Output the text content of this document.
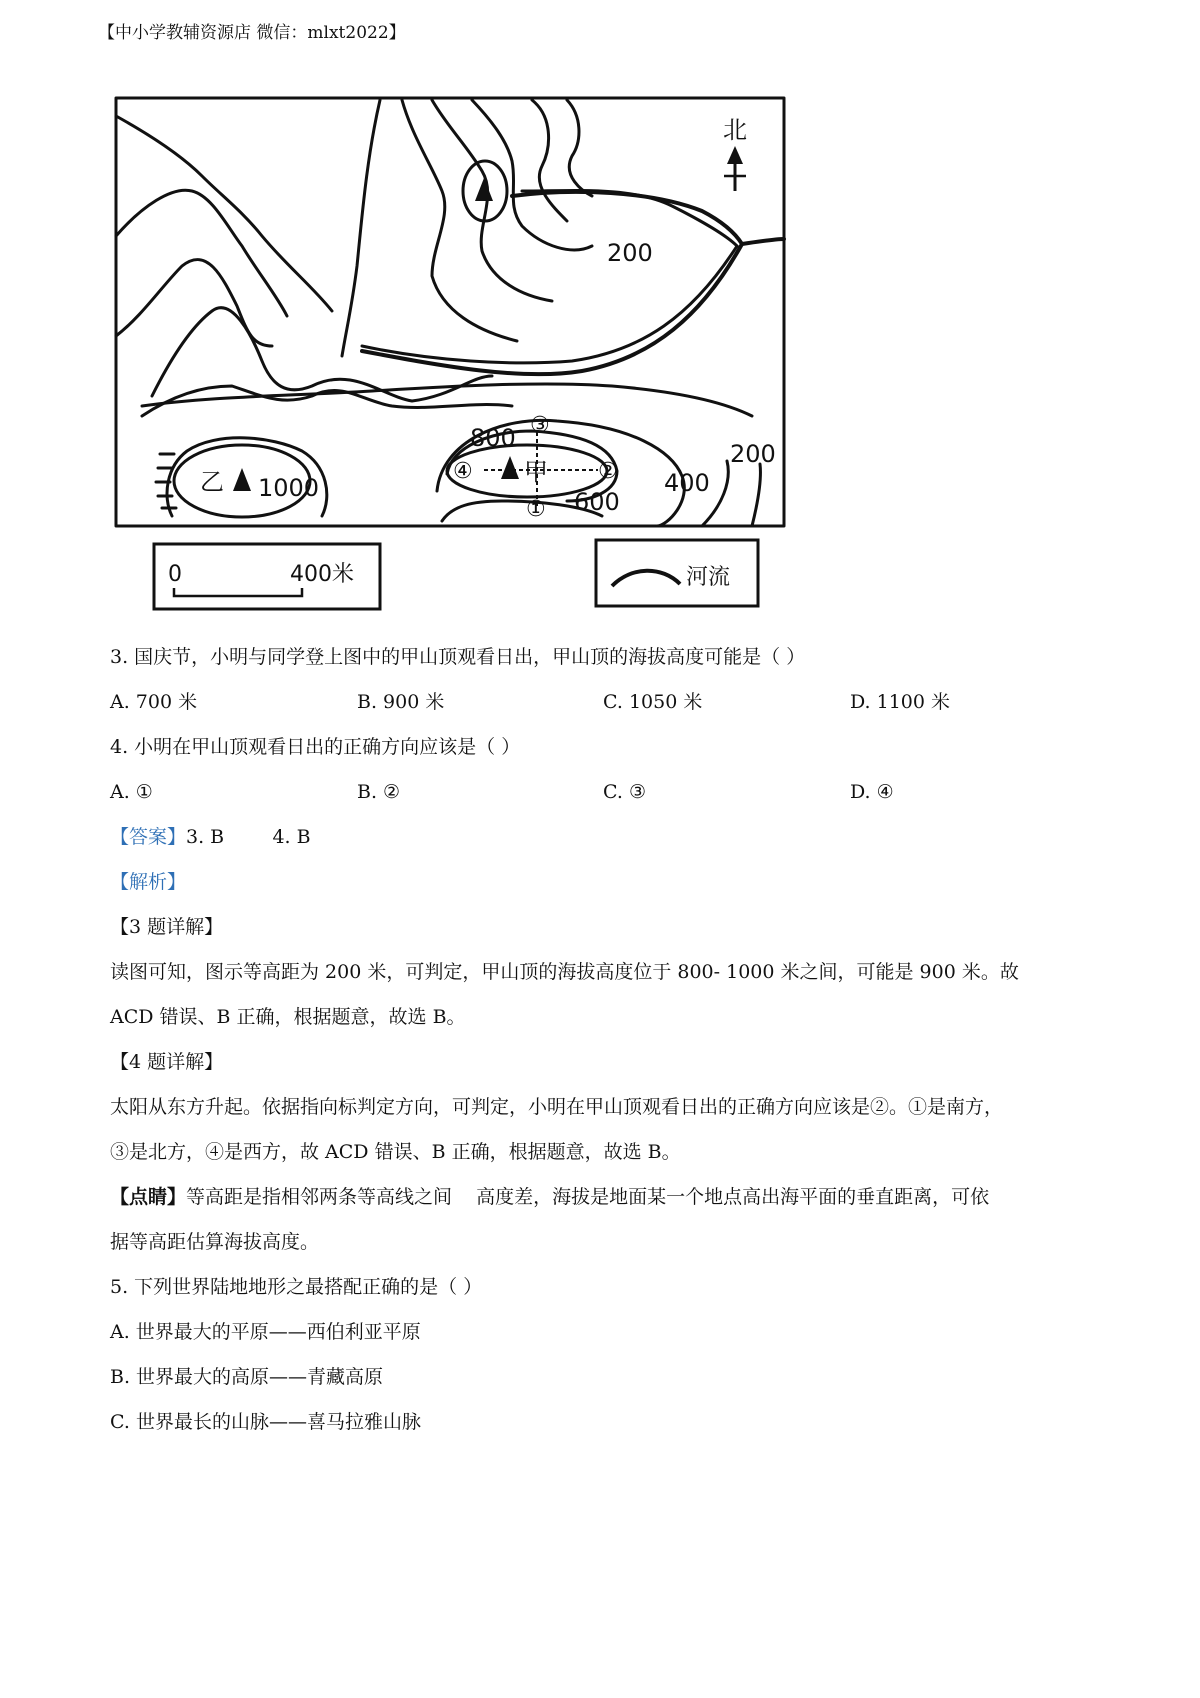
【中小学教辅资源店 微信：mlxt2022】
北
200
800
1000	600
400
200
甲
乙
①
②
③
④
0	400米	河流
3. 国庆节，小明与同学登上图中的甲山顶观看日出，甲山顶的海拔高度可能是（ ）
A. 700 米	B. 900 米	C. 1050 米	D. 1100 米
4. 小明在甲山顶观看日出的正确方向应该是（ ）
A. ①	B. ②	C. ③	D. ④
【答案】3. B        4. B
【解析】
【3 题详解】
读图可知，图示等高距为 200 米，可判定，甲山顶的海拔高度位于 800- 1000 米之间，可能是 900 米。故
ACD 错误、B 正确，根据题意，故选 B。
【4 题详解】
太阳从东方升起。依据指向标判定方向，可判定，小明在甲山顶观看日出的正确方向应该是②。①是南方，
③是北方，④是西方，故 ACD 错误、B 正确，根据题意，故选 B。
【点睛】等高距是指相邻两条等高线之间    高度差，海拔是地面某一个地点高出海平面的垂直距离，可依
据等高距估算海拔高度。
5. 下列世界陆地地形之最搭配正确的是（ ）
A. 世界最大的平原——西伯利亚平原
B. 世界最大的高原——青藏高原
C. 世界最长的山脉——喜马拉雅山脉
